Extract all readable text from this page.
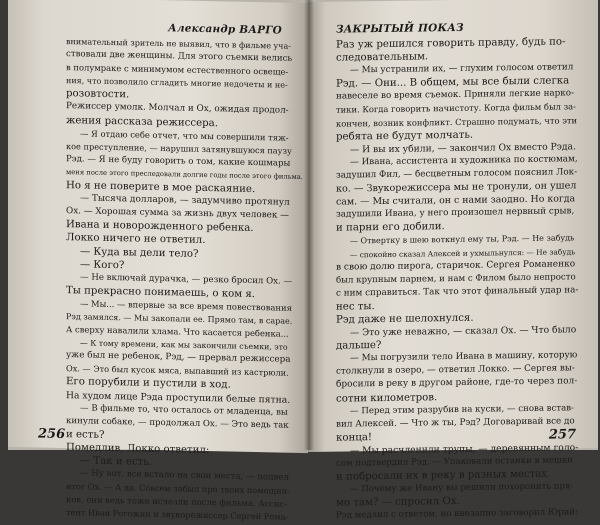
Александр ВАРГО

внимательный зритель не выявил, что в фильме уча-

ствовали две женщины. Для этого съемки велись

в полумраке с минимумом естественного освеще-

ния, что позволило сгладить многие недочеты и не-

розовтости.

Режиссер умолк. Молчал и Ох, ожидая продол-

жения рассказа режиссера.

— Я отдаю себе отчет, что мы совершили тяж-

кое преступление, — нарушил затянувшуюся паузу

Рэд. — Я не буду говорить о том, какие кошмары

меня после этого преследовали долгие годы после этого фильма.

Но я не поверите в мое раскаяние.

— Тысяча долларов, — задумчиво протянул

Ох. — Хорошая сумма за жизнь двух человек —

Ивана и новорожденного ребенка.

Локко ничего не ответил.

— Куда вы дели тело?

— Кого?

— Не включай дурачка, — резко бросил Ох. —

Ты прекрасно понимаешь, о ком я.

— Мы... — впервые за все время повествования

Рэд замялся. — Мы закопали ее. Прямо там, в сарае.

А сверху навалили хлама. Что касается ребенка...

— К тому времени, как мы закончили съемки, это

уже был не ребенок, Рэд, — прервал режиссера

Ох. — Это был кусок мяса, выпавший из кастрюли.

Его порубили и пустили в ход.

На худом лице Рэда проступили белые пятна.

— В фильме то, что осталось от младенца, вы

кинули собаке, — продолжал Ох. — Это ведь так

и есть?

Помедлив, Локко ответил:

— Так и есть.

— Ну вот, все встало на свои места, — подвел

итог Ох. — А да. Совсем забыл про твоих помощни-

ков, они ведь тоже исчезли после фильма. Ассис-

тент Иван Рогожин и звукорежиссер Сергей Рома-

256
ЗАКРЫТЫЙ ПОКАЗ

Раз уж решился говорить правду, будь по-

следовательным.

— Мы устранили их, — глухим голосом ответил

Рэд. — Они... В общем, мы все были слегка

навеселе во время съемок. Приняли легкие нарко-

тики. Когда говорить начистоту. Когда фильм был за-

кончен, возник конфликт. Страшно подумать, что эти

ребята не будут молчать.

— И вы их убили, — закончил Ох вместо Рэда.

— Ивана, ассистента и художника по костюмам,

задушил Фил, — бесцветным голосом пояснил Лок-

ко. — Звукорежиссера мы не тронули, он ушел

сам. — Мы считали, он с нами заодно. Но когда

задушили Ивана, у него произошел нервный срыв,

и парни его добили.

— Отвертку в шею воткнул ему ты, Рэд. — Не забудь

— спокойно сказал Алексей и ухмыльнулся: — Не забудь

в свою долю пирога, старичок. Сергея Романенко

был крупным парнем, и нам с Филом было непросто

с ним справиться. Так что этот финальный удар на-

нес ты.

Рэд даже не шелохнулся.

— Это уже неважно, — сказал Ох. — Что было

дальше?

— Мы погрузили тело Ивана в машину, которую

столкнули в озеро, — ответил Локко. — Сергея вы-

бросили в реку в другом районе, где-то через пол-

сотни километров.

— Перед этим разрубив на куски, — снова встав-

вил Алексей. — Что ж ты, Рэд? Договаривай все до

конца!

— Мы расчленили трупы, — деревянным голо-

сом подтвердил Рэд. — Упаковали останки в мешки

и побросали их в реку в разных местах.

— Почему же Ивану вы решили похоронить пря-

мо там? — спросил Ох.

Рэд медлил с ответом, но внезапно заговорил Юрий:

257
